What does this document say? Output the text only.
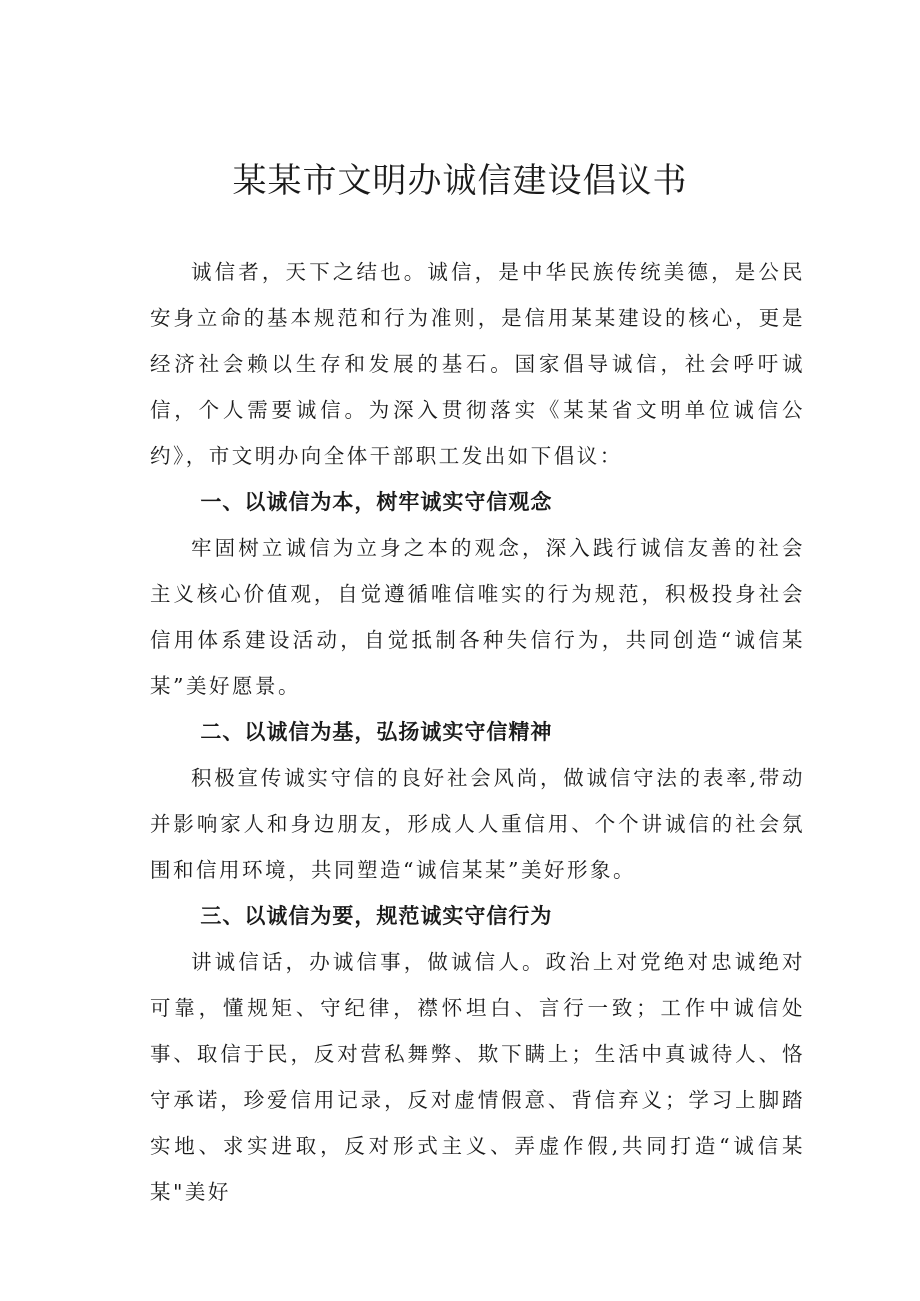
某某市文明办诚信建设倡议书

诚信者，天下之结也。诚信，是中华民族传统美德，是公民安身立命的基本规范和行为准则，是信用某某建设的核心，更是经济社会赖以生存和发展的基石。国家倡导诚信，社会呼吁诚信，个人需要诚信。为深入贯彻落实《某某省文明单位诚信公约》，市文明办向全体干部职工发出如下倡议：

一、以诚信为本，树牢诚实守信观念

牢固树立诚信为立身之本的观念，深入践行诚信友善的社会主义核心价值观，自觉遵循唯信唯实的行为规范，积极投身社会信用体系建设活动，自觉抵制各种失信行为，共同创造“诚信某某”美好愿景。

二、以诚信为基，弘扬诚实守信精神

积极宣传诚实守信的良好社会风尚，做诚信守法的表率,带动并影响家人和身边朋友，形成人人重信用、个个讲诚信的社会氛围和信用环境，共同塑造“诚信某某”美好形象。

三、以诚信为要，规范诚实守信行为

讲诚信话，办诚信事，做诚信人。政治上对党绝对忠诚绝对可靠，懂规矩、守纪律，襟怀坦白、言行一致；工作中诚信处事、取信于民，反对营私舞弊、欺下瞒上；生活中真诚待人、恪守承诺，珍爱信用记录，反对虚情假意、背信弃义；学习上脚踏实地、求实进取，反对形式主义、弄虚作假,共同打造“诚信某某"美好
